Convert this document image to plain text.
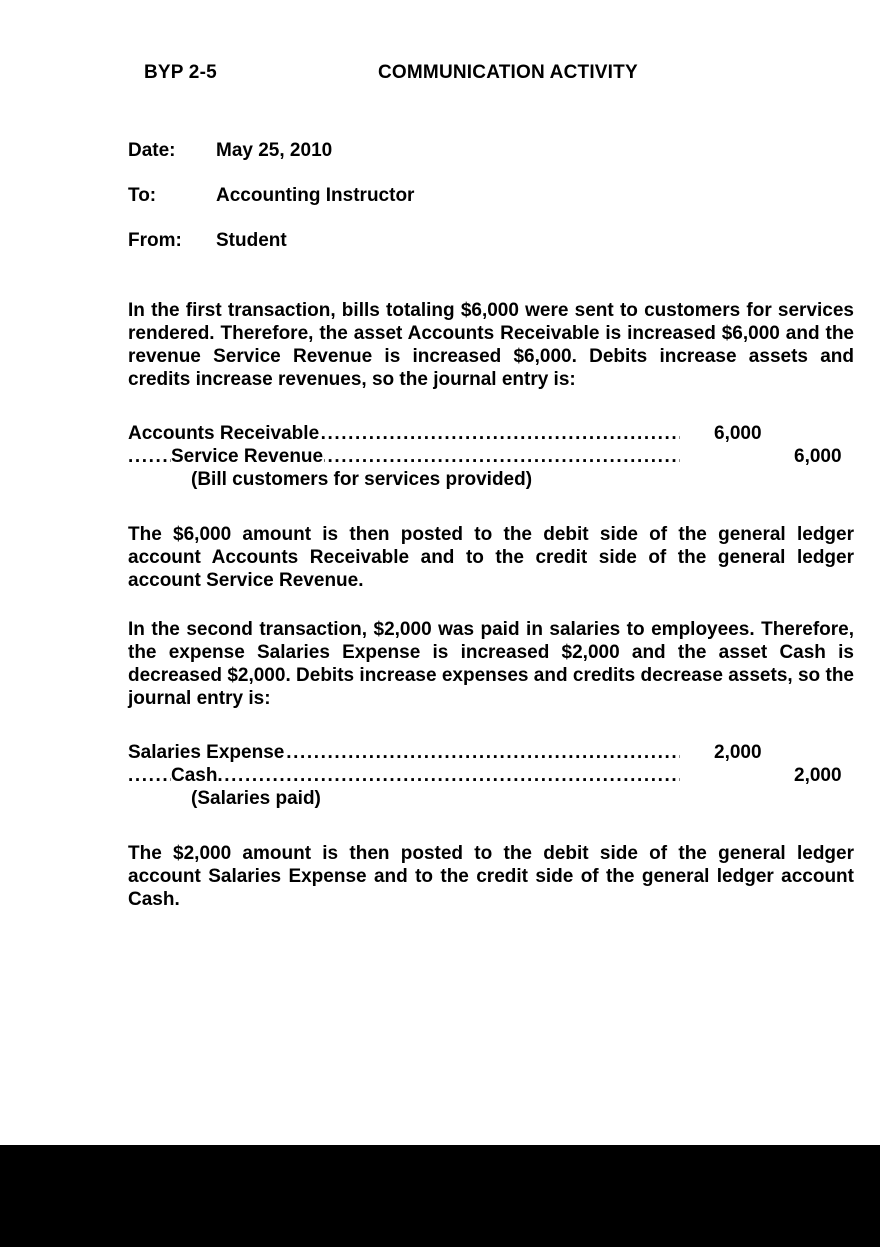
BYP 2-5	COMMUNICATION ACTIVITY
Date:	May 25, 2010
To:	Accounting Instructor
From:	Student

In the first transaction, bills totaling $6,000 were sent to customers for services rendered. Therefore, the asset Accounts Receivable is increased $6,000 and the revenue Service Revenue is increased $6,000. Debits increase assets and credits increase revenues, so the journal entry is:

.....
Accounts Receivable	6,000
.....
Service Revenue	6,000
(Bill customers for services provided)

The $6,000 amount is then posted to the debit side of the general ledger account Accounts Receivable and to the credit side of the general ledger account Service Revenue.

In the second transaction, $2,000 was paid in salaries to employees. Therefore, the expense Salaries Expense is increased $2,000 and the asset Cash is decreased $2,000. Debits increase expenses and credits decrease assets, so the journal entry is:

.....
Salaries Expense	2,000
.....
Cash	2,000
(Salaries paid)

The $2,000 amount is then posted to the debit side of the general ledger account Salaries Expense and to the credit side of the general ledger account Cash.
